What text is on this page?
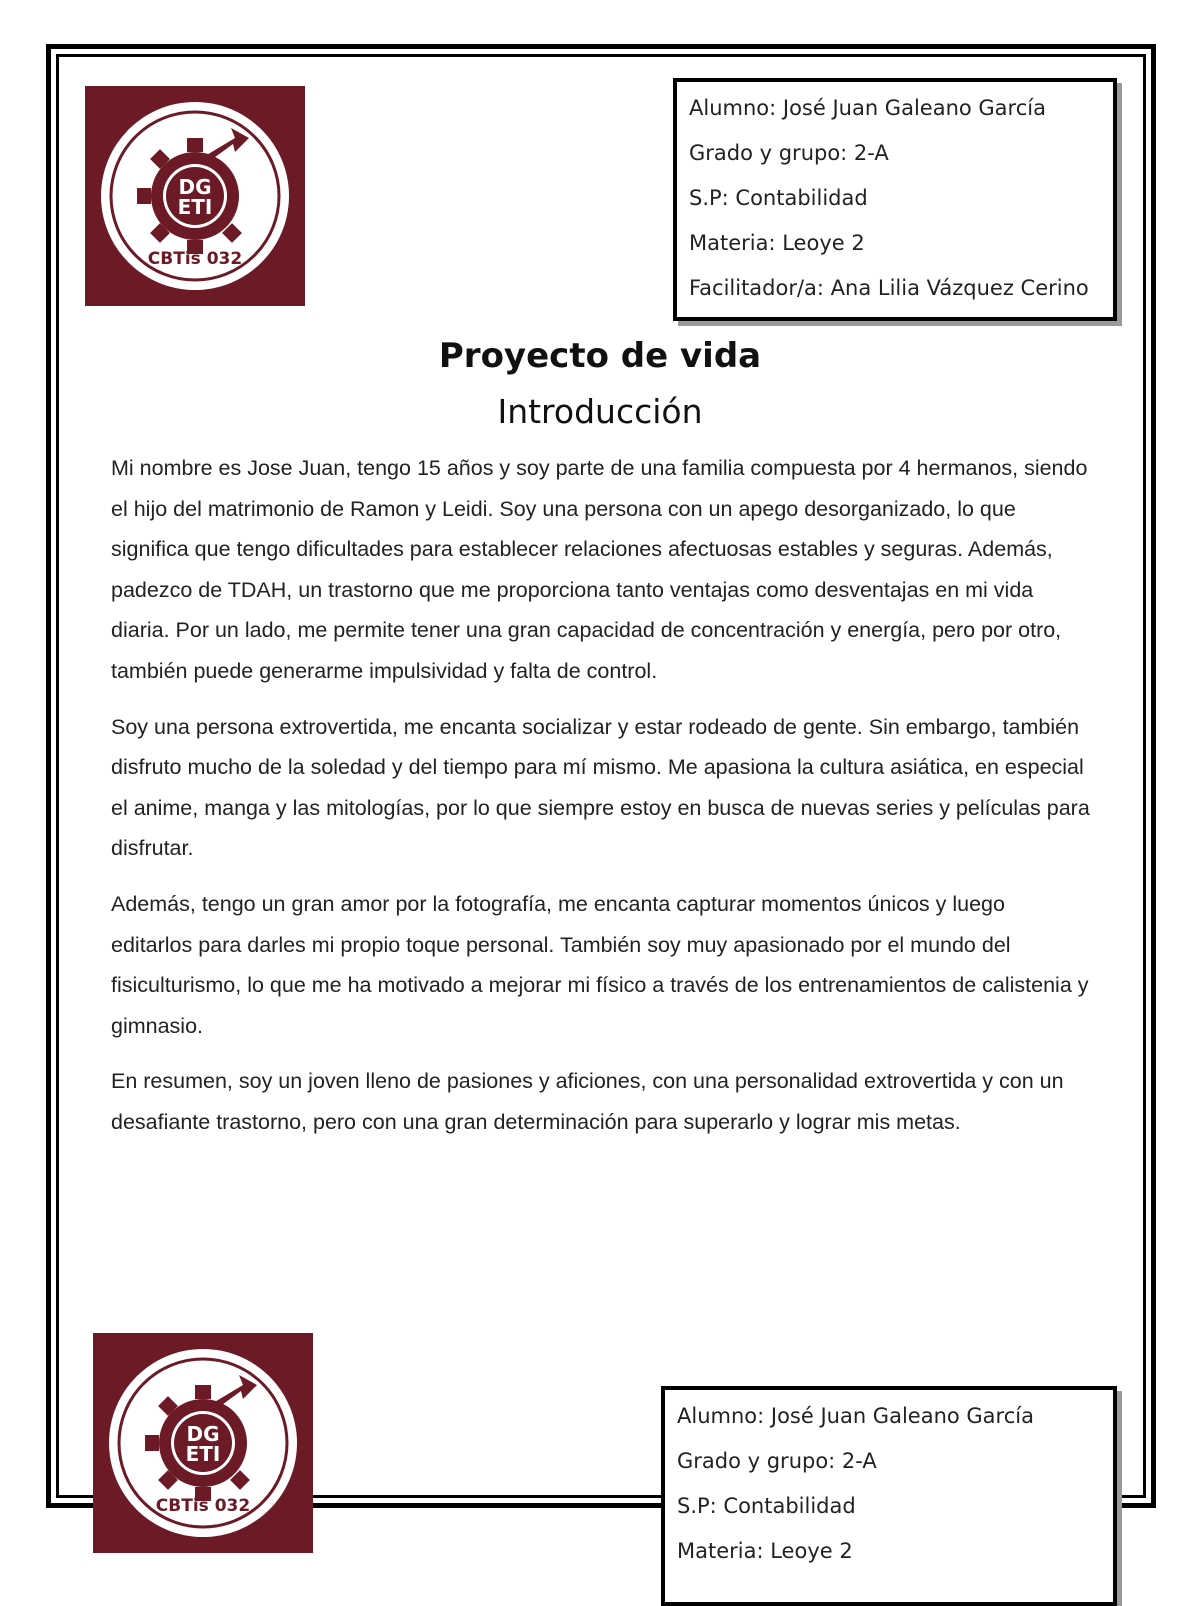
DG
ETI
CBTis 032
Alumno: José Juan Galeano García
Grado y grupo: 2-A
S.P: Contabilidad
Materia: Leoye 2
Facilitador/a: Ana Lilia Vázquez Cerino
Proyecto de vida
Introducción

Mi nombre es Jose Juan, tengo 15 años y soy parte de una familia compuesta por 4 hermanos, siendo el hijo del matrimonio de Ramon y Leidi. Soy una persona con un apego desorganizado, lo que significa que tengo dificultades para establecer relaciones afectuosas estables y seguras. Además, padezco de TDAH, un trastorno que me proporciona tanto ventajas como desventajas en mi vida diaria. Por un lado, me permite tener una gran capacidad de concentración y energía, pero por otro, también puede generarme impulsividad y falta de control.

Soy una persona extrovertida, me encanta socializar y estar rodeado de gente. Sin embargo, también disfruto mucho de la soledad y del tiempo para mí mismo. Me apasiona la cultura asiática, en especial el anime, manga y las mitologías, por lo que siempre estoy en busca de nuevas series y películas para disfrutar.

Además, tengo un gran amor por la fotografía, me encanta capturar momentos únicos y luego editarlos para darles mi propio toque personal. También soy muy apasionado por el mundo del fisiculturismo, lo que me ha motivado a mejorar mi físico a través de los entrenamientos de calistenia y gimnasio.

En resumen, soy un joven lleno de pasiones y aficiones, con una personalidad extrovertida y con un desafiante trastorno, pero con una gran determinación para superarlo y lograr mis metas.

DG
ETI
CBTis 032
Alumno: José Juan Galeano García
Grado y grupo: 2-A
S.P: Contabilidad
Materia: Leoye 2
